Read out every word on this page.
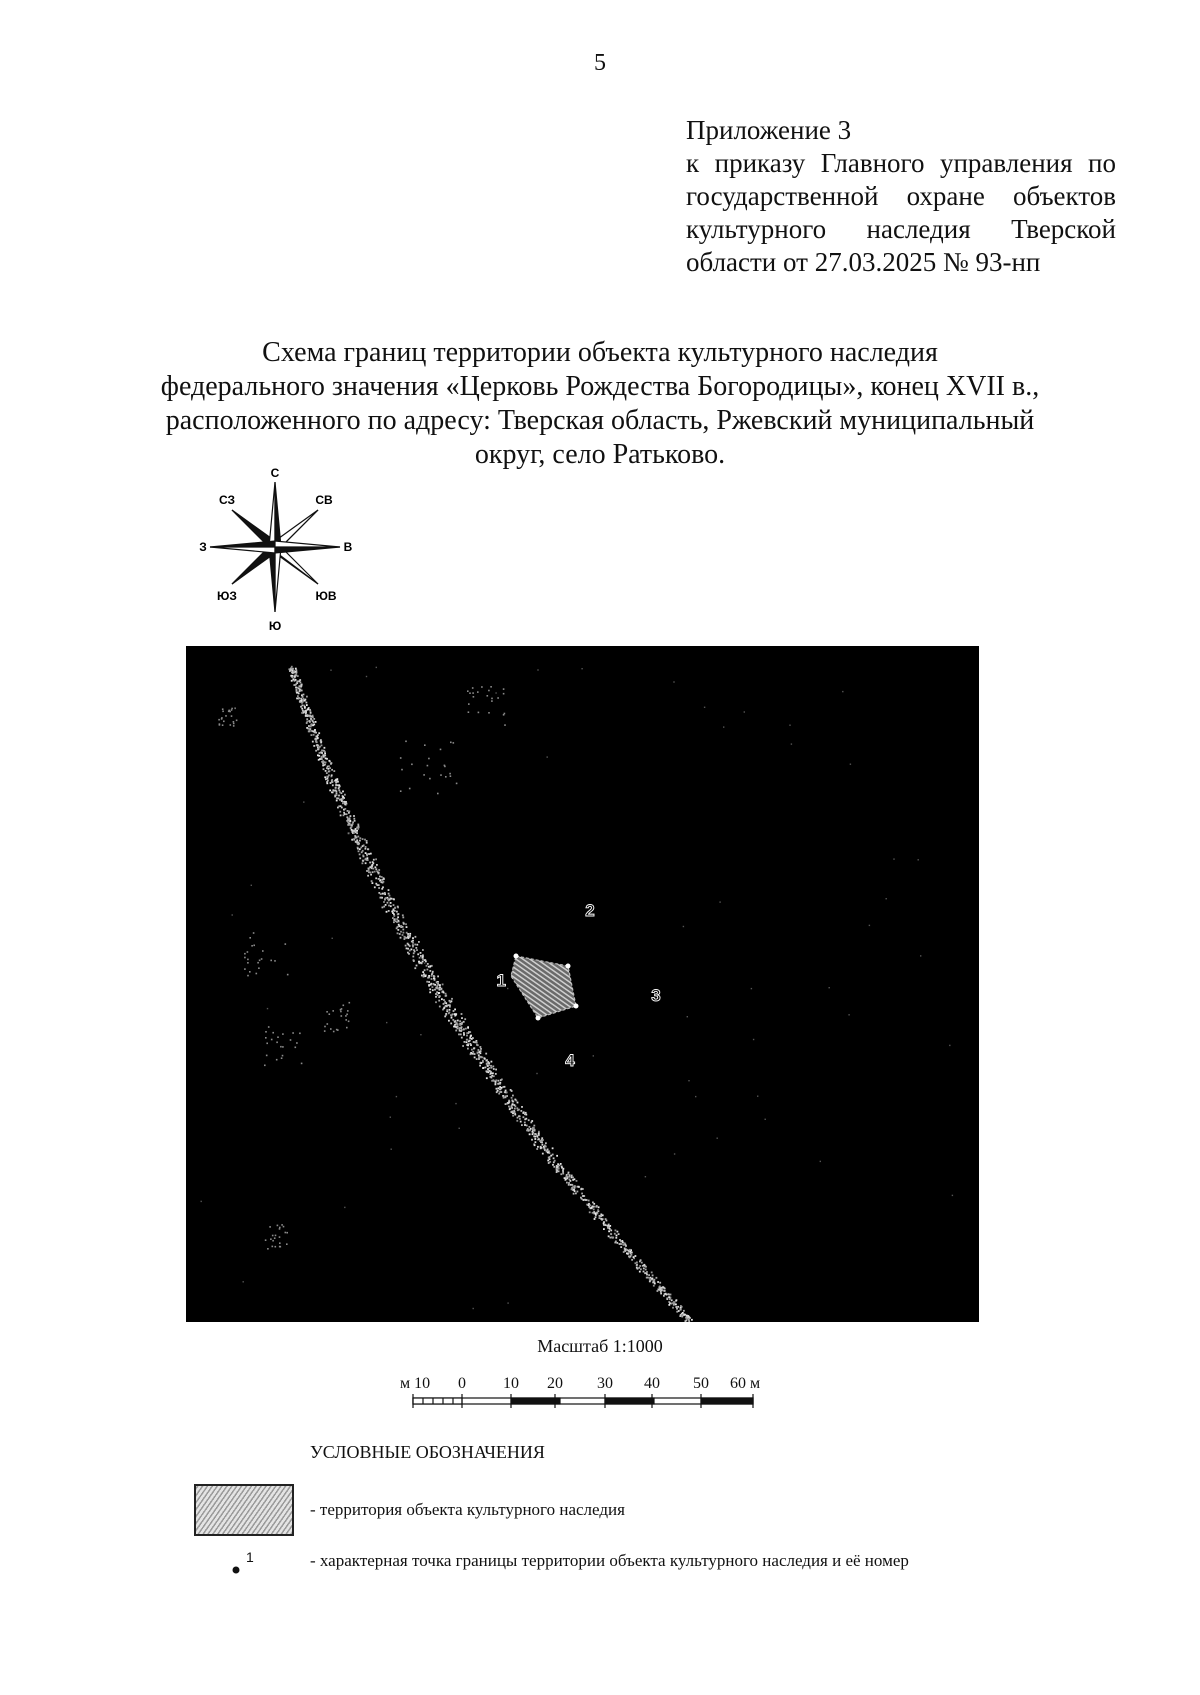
5
Приложение 3
к приказу Главного управления по государственной охране объектов культурного наследия Тверской области от 27.03.2025 № 93-нп
Схема границ территории объекта культурного наследия
федерального значения «Церковь Рождества Богородицы», конец XVII в.,
расположенного по адресу: Тверская область, Ржевский муниципальный
округ, село Ратьково.
С
СВ
В
ЮВ
Ю
ЮЗ
З
СЗ
1
2
3
4
Масштаб 1:1000
м 10 0 10 20 30 40 50 60 м
УСЛОВНЫЕ ОБОЗНАЧЕНИЯ
- территория объекта культурного наследия
1	- характерная точка границы территории объекта культурного наследия и её номер
